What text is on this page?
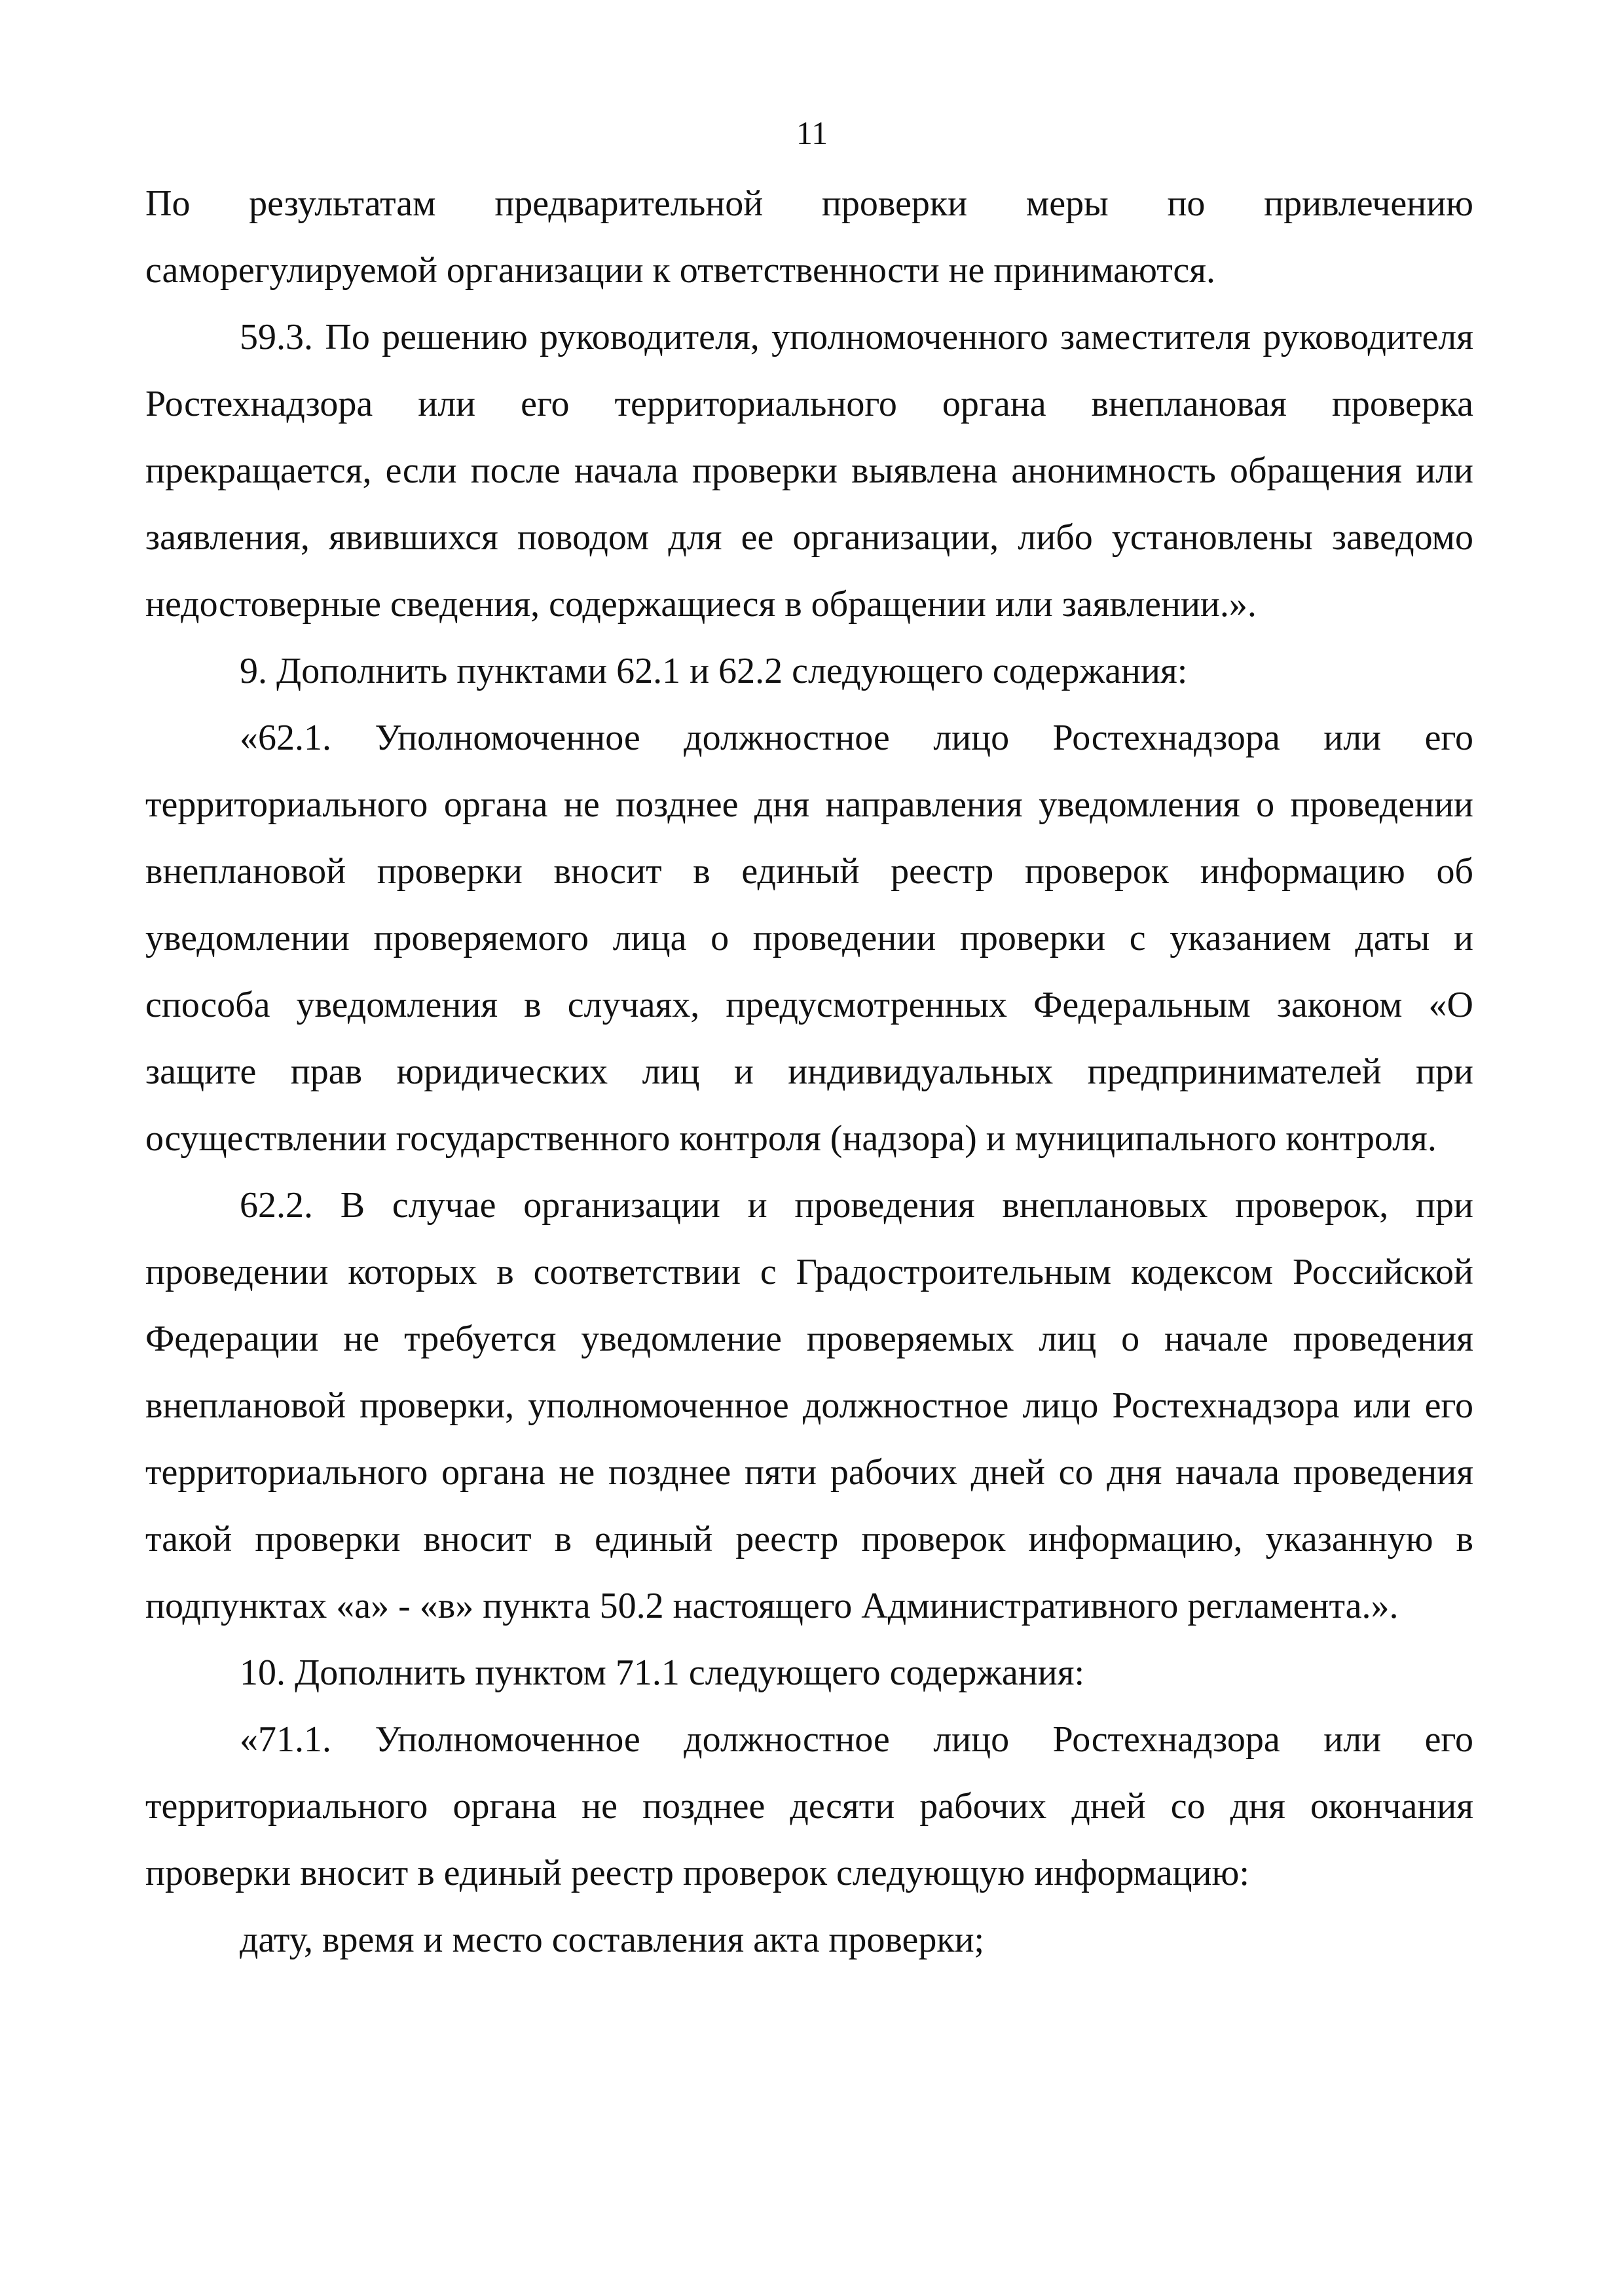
11

По результатам предварительной проверки меры по привлечению саморегулируемой организации к ответственности не принимаются.

59.3. По решению руководителя, уполномоченного заместителя руководителя Ростехнадзора или его территориального органа внеплановая проверка прекращается, если после начала проверки выявлена анонимность обращения или заявления, явившихся поводом для ее организации, либо установлены заведомо недостоверные сведения, содержащиеся в обращении или заявлении.».

9. Дополнить пунктами 62.1 и 62.2 следующего содержания:

«62.1. Уполномоченное должностное лицо Ростехнадзора или его территориального органа не позднее дня направления уведомления о проведении внеплановой проверки вносит в единый реестр проверок информацию об уведомлении проверяемого лица о проведении проверки с указанием даты и способа уведомления в случаях, предусмотренных Федеральным законом «О защите прав юридических лиц и индивидуальных предпринимателей при осуществлении государственного контроля (надзора) и муниципального контроля.

62.2. В случае организации и проведения внеплановых проверок, при проведении которых в соответствии с Градостроительным кодексом Российской Федерации не требуется уведомление проверяемых лиц о начале проведения внеплановой проверки, уполномоченное должностное лицо Ростехнадзора или его территориального органа не позднее пяти рабочих дней со дня начала проведения такой проверки вносит в единый реестр проверок информацию, указанную в подпунктах «а» - «в» пункта 50.2 настоящего Административного регламента.».

10. Дополнить пунктом 71.1 следующего содержания:

«71.1. Уполномоченное должностное лицо Ростехнадзора или его территориального органа не позднее десяти рабочих дней со дня окончания проверки вносит в единый реестр проверок следующую информацию:

дату, время и место составления акта проверки;
